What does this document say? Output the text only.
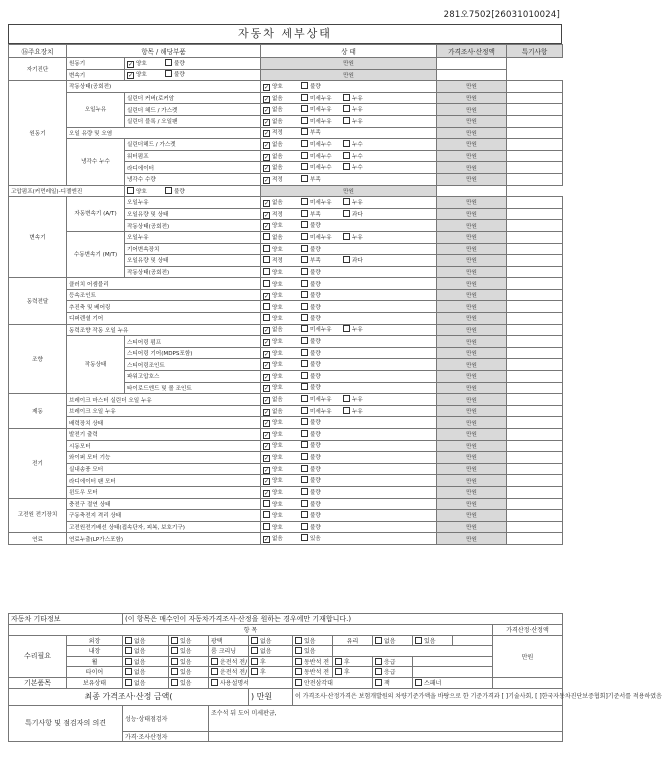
281오7502[26031010024]
자동차 세부상태
⑯주요장치	항목 / 해당부품		상 태	가격조사·산정액	특기사항
자기진단	원동기	✓ 양호 불량	만원		
	변속기	✓ 양호 불량	만원		
원동기	작동상태(공회전)		✓ 양호 불량	만원	
	오일누유	실린더 커버(로커암	✓ 없음 미세누유 누유	만원	
		실린더 헤드 / 가스켓	✓ 없음 미세누유 누유	만원	
		실린더 블록 / 오일팬	✓ 없음 미세누유 누유	만원	
	오일 유량 및 오염		✓ 적정 부족	만원	
	냉각수 누수	실린더헤드 / 가스켓	✓ 없음 미세누수 누수	만원	
		워터펌프	✓ 없음 미세누수 누수	만원	
		라디에이터	✓ 없음 미세누수 누수	만원	
		냉각수 수량	✓ 적정 부족	만원	
고압펌프(커먼레일)-디젤엔진		양호 불량	만원		
변속기	자동변속기 (A/T)	오일누유	✓ 없음 미세누유 누유	만원	
		오일유량 및 상태	✓ 적정 부족 과다	만원	
		작동상태(공회전)	✓ 양호 불량	만원	
	수동변속기 (M/T)	오일누유	없음 미세누유 누유	만원	
		기어변속장치	양호 불량	만원	
		오일유량 및 상태	적정 부족 과다	만원	
		작동상태(공회전)	양호 불량	만원	
동력전달	클러치 어셈블리		양호 불량	만원	
	등속조인트		✓ 양호 불량	만원	
	추진축 및 베어링		양호 불량	만원	
	디퍼렌셜 기어		양호 불량	만원	
조향	동력조향 작동 오일 누유		✓ 없음 미세누유 누유	만원	
	작동상태	스티어링 펌프	✓ 양호 불량	만원	
		스티어링 기어(MDPS포함)	✓ 양호 불량	만원	
		스티어링조인트	✓ 양호 불량	만원	
		파워고압호스	✓ 양호 불량	만원	
		타이로드엔드 및 볼 조인트	✓ 양호 불량	만원	
제동	브레이크 마스터 실린더 오일 누유		✓ 없음 미세누유 누유	만원	
	브레이크 오일 누유		✓ 없음 미세누유 누유	만원	
	배력장치 상태		✓ 양호 불량	만원	
전기	발전기 출력		✓ 양호 불량	만원	
	시동모터		✓ 양호 불량	만원	
	와이퍼 모터 기능		✓ 양호 불량	만원	
	실내송풍 모터		✓ 양호 불량	만원	
	라디에이터 팬 모터		✓ 양호 불량	만원	
	윈도우 모터		✓ 양호 불량	만원	
고전원 전기장치	충전구 절연 상태		양호 불량	만원	
	구동축전지 격리 상태		양호 불량	만원	
	고전원전기배선 상태(접속단자, 피복, 보호기구)		양호 불량	만원	
연료	연료누출(LP가스포함)		✓ 없음 있음	만원	
자동차 기타정보		(이 항목은 매수인이 자동차가격조사·산정을 원하는 경우에만 기재합니다.)									
항 목											가격산정·산정액
수리필요	외장	없음	있음	광택	없음	있음	유리	없음	있음		만원
	내장	없음	있음	룸 크리닝	없음	있음					
	휠	없음	있음	운전석 전/	후	동반석 전	후	응급			
	타이어	없음	있음	운전석 전/	후	동반석 전	후	응급			
기본품목	보유상태	없음	있음	사용설명서		안전삼각대		잭	스패너		
최종 가격조사·산정 금액(					) 만원	이 가격조사·산정가격은 보험개발원의 차량기준가액을 바탕으로 한 기준가격과 [ ]기술사회, [ ]한국자동차진단보증협회]기준서를 적용하였음					
특기사항 및 점검자의 의견		성능·상태점검자		조수석 뒤 도어 미세판금,							
		가격·조사산정자									
